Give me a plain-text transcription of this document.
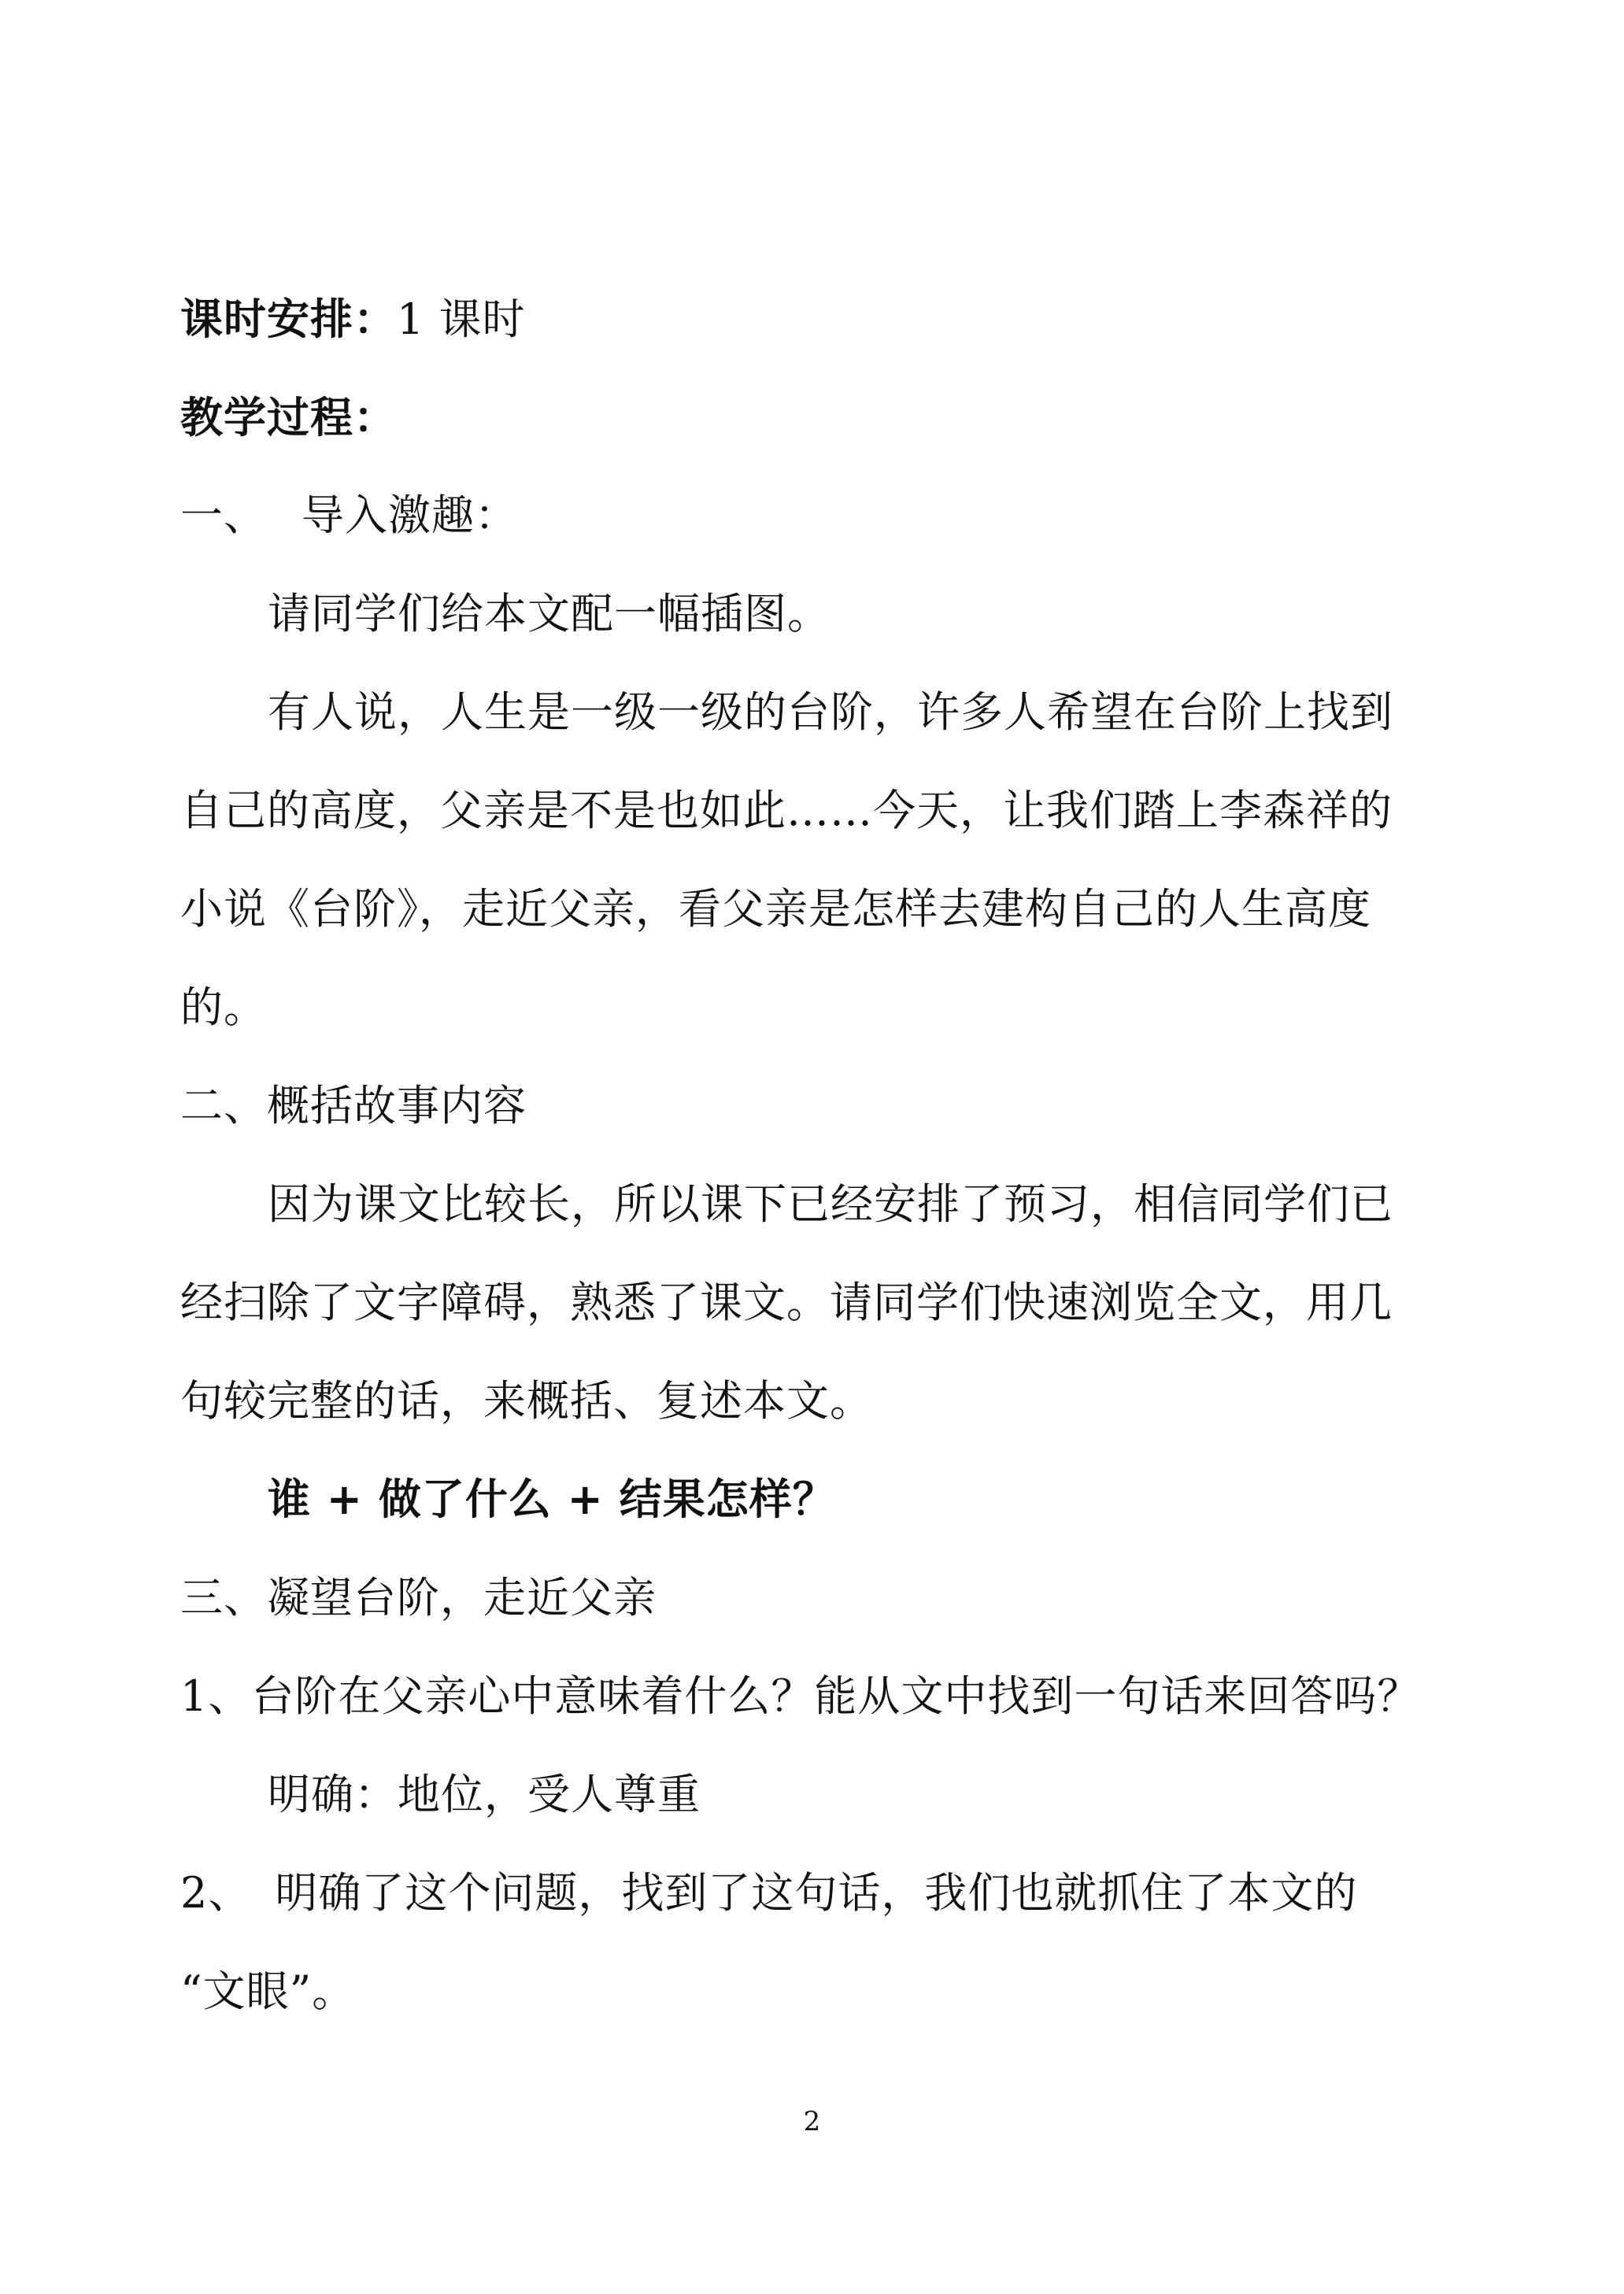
课时安排：1 课时
教学过程：
一、 导入激趣：
请同学们给本文配一幅插图。
有人说，人生是一级一级的台阶，许多人希望在台阶上找到
自己的高度，父亲是不是也如此……今天，让我们踏上李森祥的
小说《台阶》，走近父亲，看父亲是怎样去建构自己的人生高度
的。
二、概括故事内容
因为课文比较长，所以课下已经安排了预习，相信同学们已
经扫除了文字障碍，熟悉了课文。请同学们快速浏览全文，用几
句较完整的话，来概括、复述本文。
谁 + 做了什么 + 结果怎样？
三、凝望台阶，走近父亲
1、台阶在父亲心中意味着什么？能从文中找到一句话来回答吗？
明确：地位，受人尊重
2、 明确了这个问题，找到了这句话，我们也就抓住了本文的
“文眼”。
2
